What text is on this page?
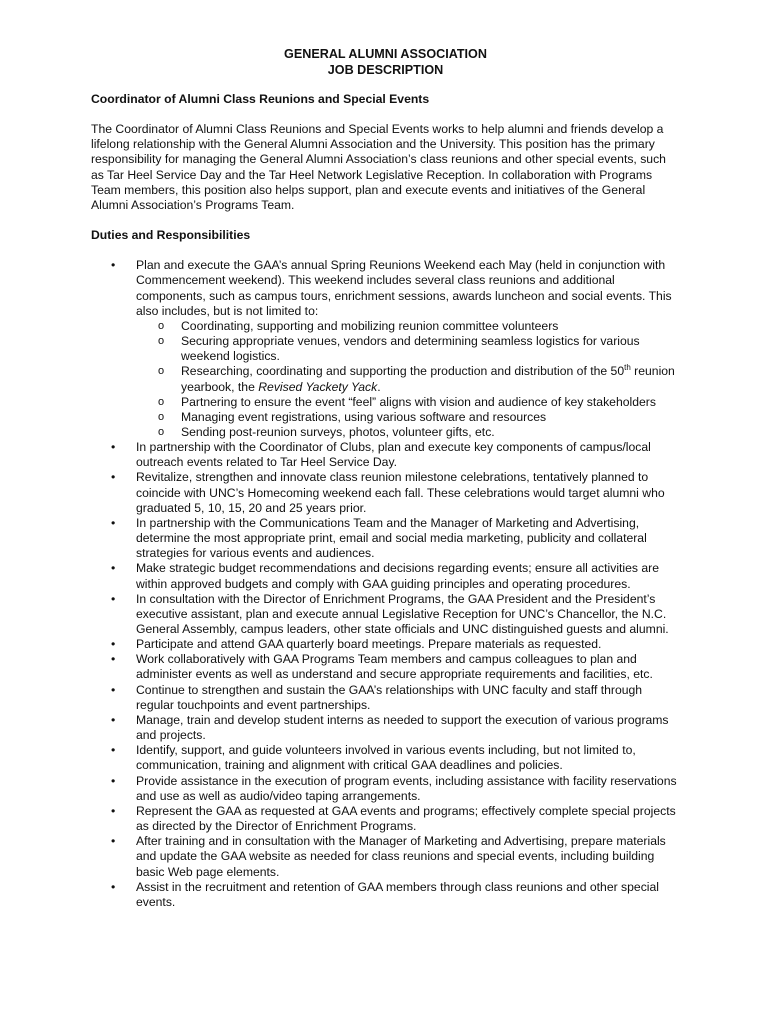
GENERAL ALUMNI ASSOCIATION
JOB DESCRIPTION
Coordinator of Alumni Class Reunions and Special Events
The Coordinator of Alumni Class Reunions and Special Events works to help alumni and friends develop a lifelong relationship with the General Alumni Association and the University. This position has the primary responsibility for managing the General Alumni Association’s class reunions and other special events, such as Tar Heel Service Day and the Tar Heel Network Legislative Reception. In collaboration with Programs Team members, this position also helps support, plan and execute events and initiatives of the General Alumni Association’s Programs Team.
Duties and Responsibilities
• Plan and execute the GAA’s annual Spring Reunions Weekend each May (held in conjunction with Commencement weekend). This weekend includes several class reunions and additional components, such as campus tours, enrichment sessions, awards luncheon and social events. This also includes, but is not limited to:
o Coordinating, supporting and mobilizing reunion committee volunteers
o Securing appropriate venues, vendors and determining seamless logistics for various weekend logistics.
o Researching, coordinating and supporting the production and distribution of the 50th reunion yearbook, the Revised Yackety Yack.
o Partnering to ensure the event “feel” aligns with vision and audience of key stakeholders
o Managing event registrations, using various software and resources
o Sending post-reunion surveys, photos, volunteer gifts, etc.
• In partnership with the Coordinator of Clubs, plan and execute key components of campus/local outreach events related to Tar Heel Service Day.
• Revitalize, strengthen and innovate class reunion milestone celebrations, tentatively planned to coincide with UNC’s Homecoming weekend each fall. These celebrations would target alumni who graduated 5, 10, 15, 20 and 25 years prior.
• In partnership with the Communications Team and the Manager of Marketing and Advertising, determine the most appropriate print, email and social media marketing, publicity and collateral strategies for various events and audiences.
• Make strategic budget recommendations and decisions regarding events; ensure all activities are within approved budgets and comply with GAA guiding principles and operating procedures.
• In consultation with the Director of Enrichment Programs, the GAA President and the President’s executive assistant, plan and execute annual Legislative Reception for UNC’s Chancellor, the N.C. General Assembly, campus leaders, other state officials and UNC distinguished guests and alumni.
• Participate and attend GAA quarterly board meetings. Prepare materials as requested.
• Work collaboratively with GAA Programs Team members and campus colleagues to plan and administer events as well as understand and secure appropriate requirements and facilities, etc.
• Continue to strengthen and sustain the GAA’s relationships with UNC faculty and staff through regular touchpoints and event partnerships.
• Manage, train and develop student interns as needed to support the execution of various programs and projects.
• Identify, support, and guide volunteers involved in various events including, but not limited to, communication, training and alignment with critical GAA deadlines and policies.
• Provide assistance in the execution of program events, including assistance with facility reservations and use as well as audio/video taping arrangements.
• Represent the GAA as requested at GAA events and programs; effectively complete special projects as directed by the Director of Enrichment Programs.
• After training and in consultation with the Manager of Marketing and Advertising, prepare materials and update the GAA website as needed for class reunions and special events, including building basic Web page elements.
• Assist in the recruitment and retention of GAA members through class reunions and other special events.
